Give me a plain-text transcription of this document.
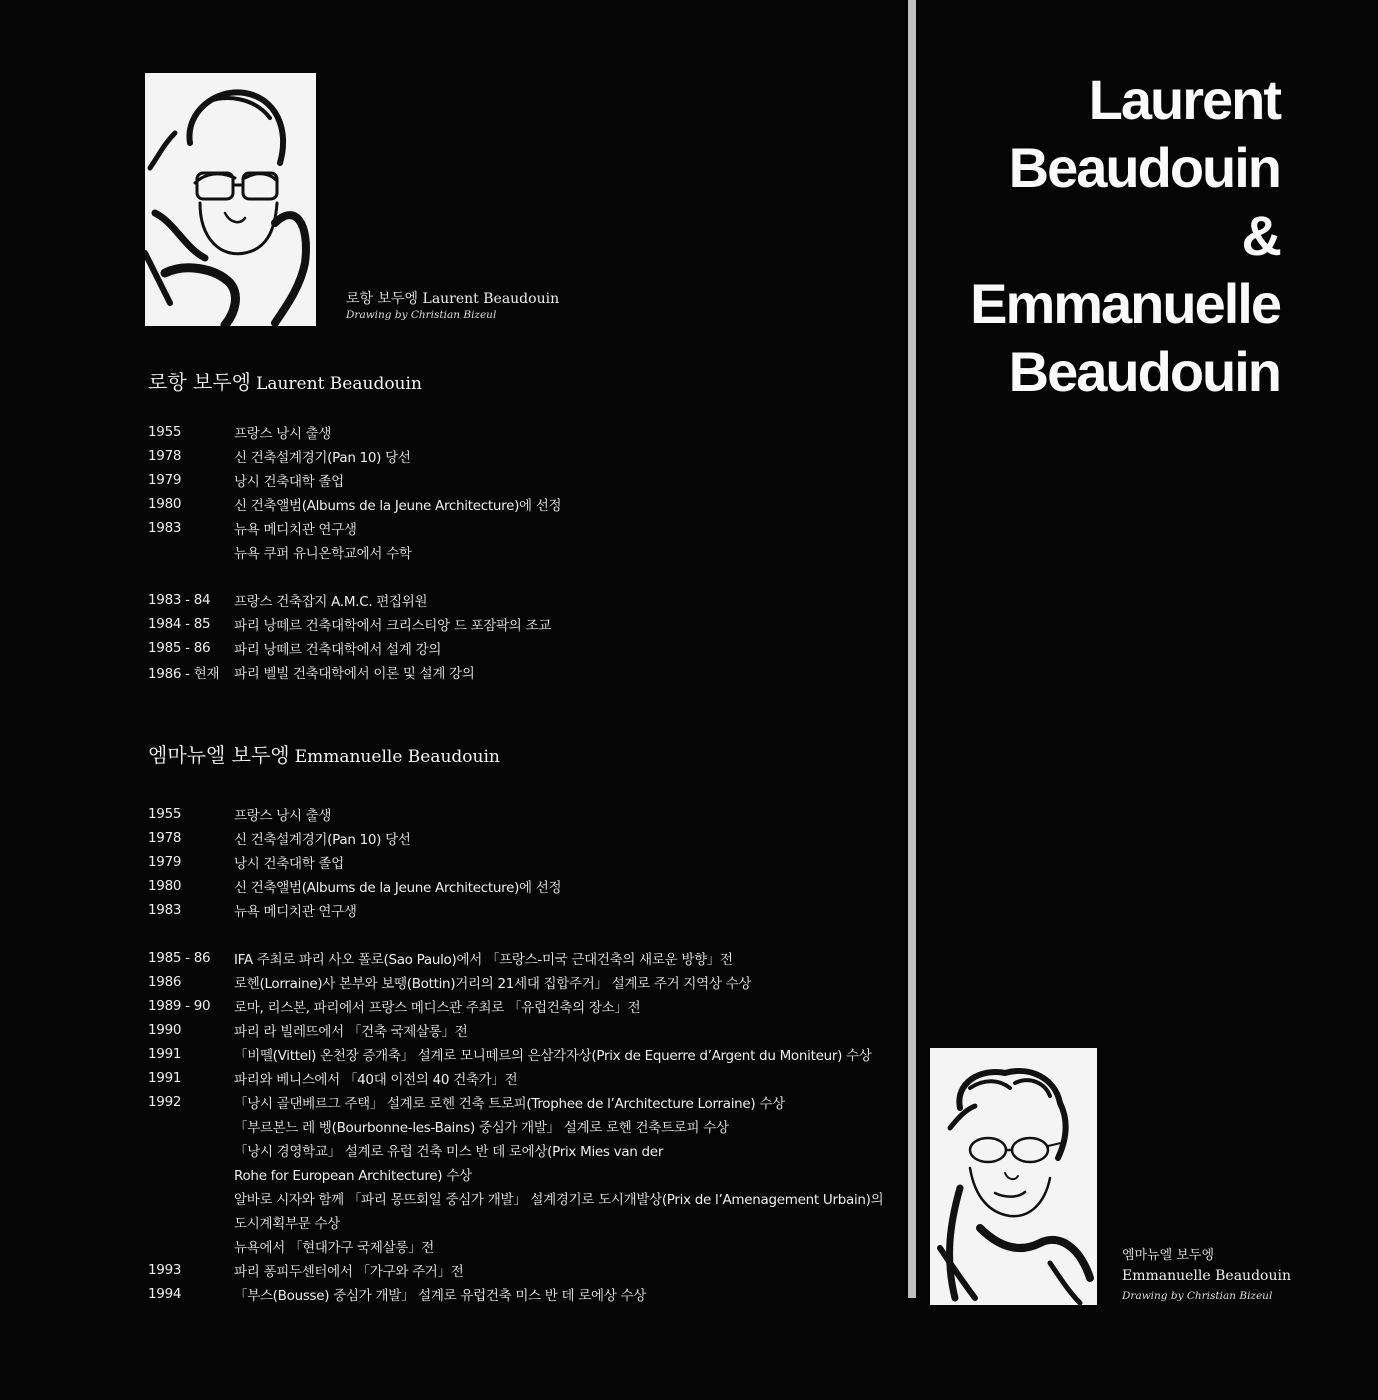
로항 보두엥 Laurent Beaudouin
Drawing by Christian Bizeul
로항 보두엥 Laurent Beaudouin
1955	프랑스 낭시 출생
1978	신 건축설계경기(Pan 10) 당선
1979	낭시 건축대학 졸업
1980	신 건축앨범(Albums de la Jeune Architecture)에 선정
1983	뉴욕 메디치관 연구생
뉴욕 쿠퍼 유니온학교에서 수학
1983 - 84	프랑스 건축잡지 A.M.C. 편집위원
1984 - 85	파리 낭떼르 건축대학에서 크리스티앙 드 포잠팍의 조교
1985 - 86	파리 낭떼르 건축대학에서 설계 강의
1986 - 현재	파리 벨빌 건축대학에서 이론 및 설계 강의
엠마뉴엘 보두엥 Emmanuelle Beaudouin
1955	프랑스 낭시 출생
1978	신 건축설계경기(Pan 10) 당선
1979	낭시 건축대학 졸업
1980	신 건축앨범(Albums de la Jeune Architecture)에 선정
1983	뉴욕 메디치관 연구생
1985 - 86	IFA 주최로 파리 사오 폴로(Sao Paulo)에서 「프랑스-미국 근대건축의 새로운 방향」전
1986	로헨(Lorraine)사 본부와 보뗑(Bottin)거리의 21세대 집합주거」 설계로 주거 지역상 수상
1989 - 90	로마, 리스본, 파리에서 프랑스 메디스관 주최로 「유럽건축의 장소」전
1990	파리 라 빌레뜨에서 「건축 국제살롱」전
1991	「비뗄(Vittel) 온천장 증개축」 설계로 모니떼르의 은삼각자상(Prix de Equerre d’Argent du Moniteur) 수상
1991	파리와 베니스에서 「40대 이전의 40 건축가」전
1992	「낭시 골댄베르그 주택」 설계로 로헨 건축 트로피(Trophee de l’Architecture Lorraine) 수상
「부르본느 레 벵(Bourbonne-les-Bains) 중심가 개발」 설계로 로헨 건축트로피 수상
「낭시 경영학교」 설계로 유럽 건축 미스 반 데 로에상(Prix Mies van der
Rohe for European Architecture) 수상
알바로 시자와 함께 「파리 몽뜨회일 중심가 개발」 설계경기로 도시개발상(Prix de l’Amenagement Urbain)의
도시계획부문 수상
뉴욕에서 「현대가구 국제살롱」전
1993	파리 퐁피두센터에서 「가구와 주거」전
1994	「부스(Bousse) 중심가 개발」 설계로 유럽건축 미스 반 데 로에상 수상
Laurent
Beaudouin
&
Emmanuelle
Beaudouin
엠마뉴엘 보두엥
Emmanuelle Beaudouin
Drawing by Christian Bizeul
